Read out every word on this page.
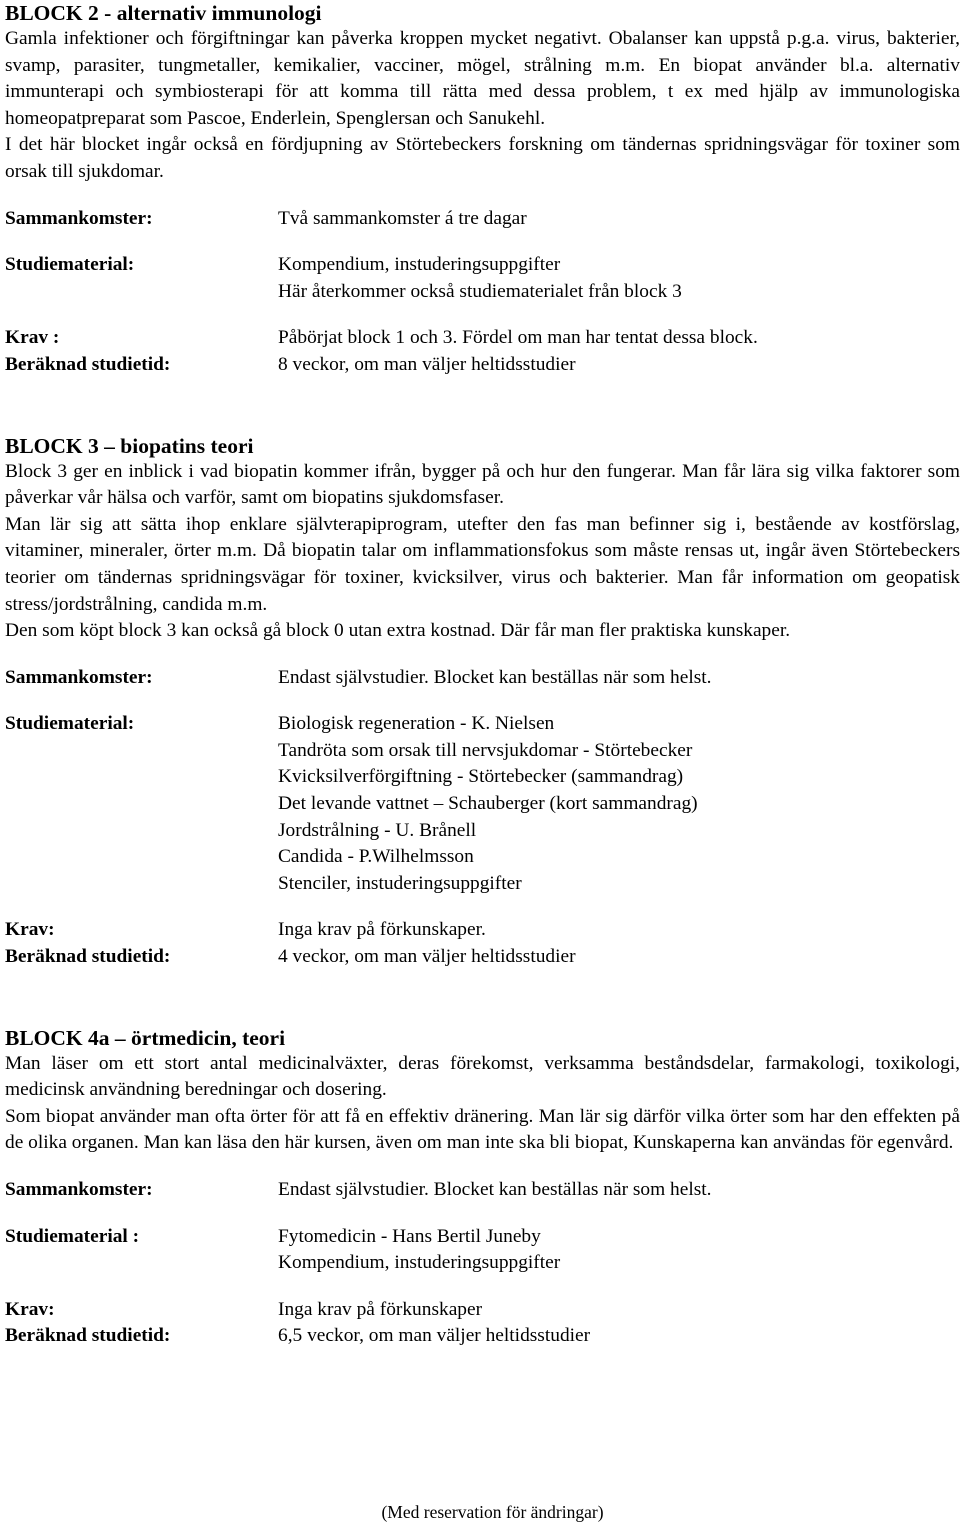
BLOCK 2 - alternativ immunologi

Gamla infektioner och förgiftningar kan påverka kroppen mycket negativt. Obalanser kan uppstå p.g.a. virus, bakterier, svamp, parasiter, tungmetaller, kemikalier, vacciner, mögel, strålning m.m. En biopat använder bl.a. alternativ immunterapi och symbiosterapi för att komma till rätta med dessa problem, t ex med hjälp av immunologiska homeopatpreparat som Pascoe, Enderlein, Spenglersan och Sanukehl.

I det här blocket ingår också en fördjupning av Störtebeckers forskning om tändernas spridningsvägar för toxiner som orsak till sjukdomar.

Sammankomster:	Två sammankomster á tre dagar
Studiematerial:	Kompendium, instuderingsuppgifter
Här återkommer också studiematerialet från block 3
Krav :	Påbörjat block 1 och 3. Fördel om man har tentat dessa block.
Beräknad studietid:	8 veckor, om man väljer heltidsstudier
BLOCK 3 – biopatins teori

Block 3 ger en inblick i vad biopatin kommer ifrån, bygger på och hur den fungerar. Man får lära sig vilka faktorer som påverkar vår hälsa och varför, samt om biopatins sjukdomsfaser.

Man lär sig att sätta ihop enklare självterapiprogram, utefter den fas man befinner sig i, bestående av kostförslag, vitaminer, mineraler, örter m.m. Då biopatin talar om inflammationsfokus som måste rensas ut, ingår även Störtebeckers teorier om tändernas spridningsvägar för toxiner, kvicksilver, virus och bakterier. Man får information om geopatisk stress/jordstrålning, candida m.m.

Den som köpt block 3 kan också gå block 0 utan extra kostnad. Där får man fler praktiska kunskaper.

Sammankomster:	Endast självstudier. Blocket kan beställas när som helst.
Studiematerial:	Biologisk regeneration - K. Nielsen
Tandröta som orsak till nervsjukdomar - Störtebecker
Kvicksilverförgiftning - Störtebecker (sammandrag)
Det levande vattnet – Schauberger (kort sammandrag)
Jordstrålning - U. Brånell
Candida - P.Wilhelmsson
Stenciler, instuderingsuppgifter
Krav:	Inga krav på förkunskaper.
Beräknad studietid:	4 veckor, om man väljer heltidsstudier
BLOCK 4a – örtmedicin, teori

Man läser om ett stort antal medicinalväxter, deras förekomst, verksamma beståndsdelar, farmakologi, toxikologi, medicinsk användning beredningar och dosering.

Som biopat använder man ofta örter för att få en effektiv dränering. Man lär sig därför vilka örter som har den effekten på de olika organen. Man kan läsa den här kursen, även om man inte ska bli biopat, Kunskaperna kan användas för egenvård.

Sammankomster:	Endast självstudier. Blocket kan beställas när som helst.
Studiematerial :	Fytomedicin - Hans Bertil Juneby
Kompendium, instuderingsuppgifter
Krav:	Inga krav på förkunskaper
Beräknad studietid:	6,5 veckor, om man väljer heltidsstudier
(Med reservation för ändringar)
